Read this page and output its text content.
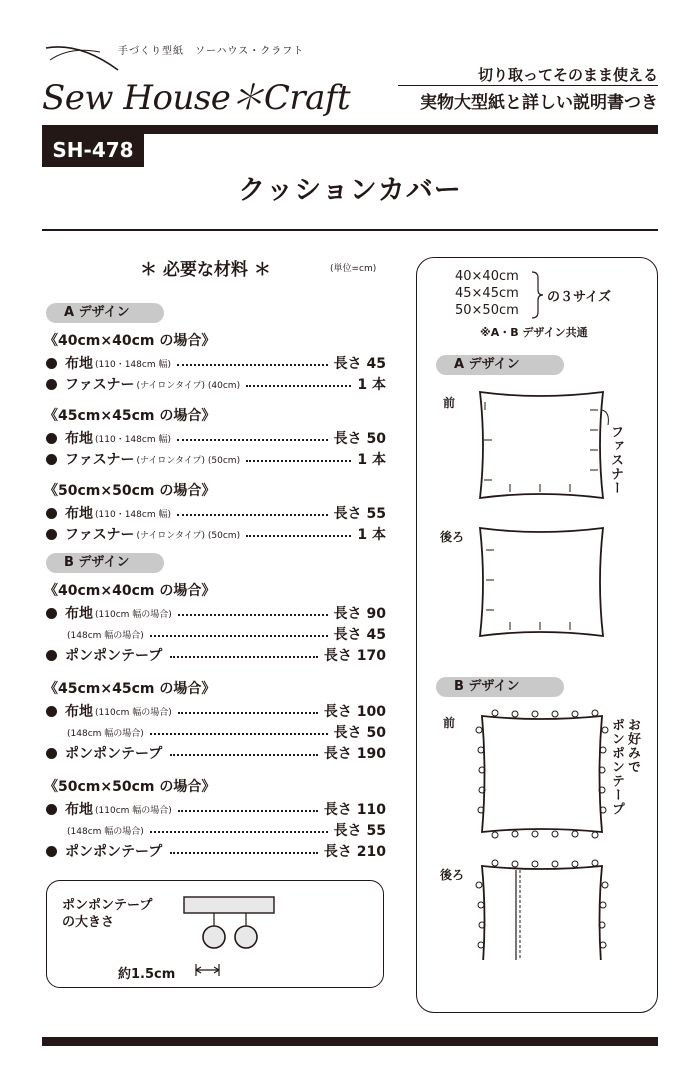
手づくり型紙　ソーハウス・クラフト
Sew House＊Craft
切り取ってそのまま使える
実物大型紙と詳しい説明書つき
SH-478
クッションカバー
＊ 必要な材料 ＊	(単位=cm)
A デザイン
《40cm×40cm の場合》
布地 (110・148cm 幅)	長さ 45
ファスナー (ナイロンタイプ) (40cm)	1 本
《45cm×45cm の場合》
布地 (110・148cm 幅)	長さ 50
ファスナー (ナイロンタイプ) (50cm)	1 本
《50cm×50cm の場合》
布地 (110・148cm 幅)	長さ 55
ファスナー (ナイロンタイプ) (50cm)	1 本
B デザイン
《40cm×40cm の場合》
布地 (110cm 幅の場合)	長さ 90
(148cm 幅の場合)	長さ 45
ポンポンテープ	長さ 170
《45cm×45cm の場合》
布地 (110cm 幅の場合)	長さ 100
(148cm 幅の場合)	長さ 50
ポンポンテープ	長さ 190
《50cm×50cm の場合》
布地 (110cm 幅の場合)	長さ 110
(148cm 幅の場合)	長さ 55
ポンポンテープ	長さ 210
ポンポンテープ
の大きさ
約1.5cm
40×40cm
45×45cm
50×50cm
の３サイズ
※A・B デザイン共通
A デザイン
前
後ろ
ファスナー
B デザイン
前
後ろ
お好みで
ポンポンテープ
